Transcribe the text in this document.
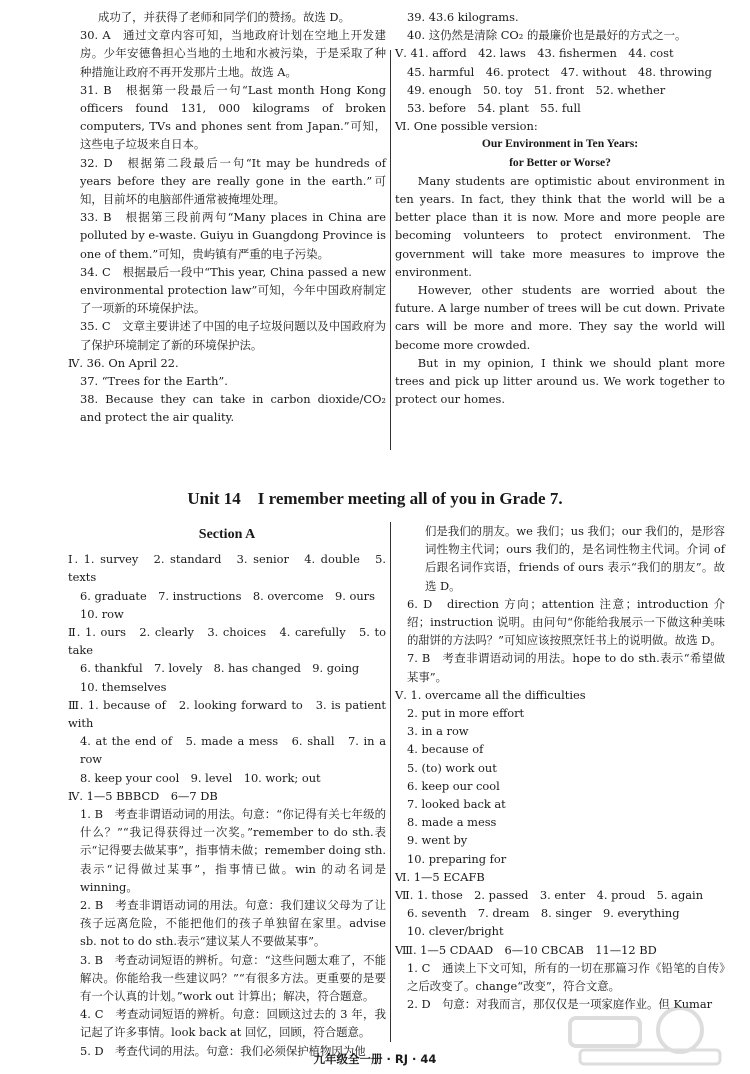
成功了，并获得了老师和同学们的赞扬。故选 D。
30. A　通过文章内容可知，当地政府计划在空地上开发建房。少年安德鲁担心当地的土地和水被污染，于是采取了种种措施让政府不再开发那片土地。故选 A。
31. B　根据第一段最后一句“Last month Hong Kong officers found 131, 000 kilograms of broken computers, TVs and phones sent from Japan.”可知，这些电子垃圾来自日本。
32. D　根据第二段最后一句“It may be hundreds of years before they are really gone in the earth.”可知，目前坏的电脑部件通常被掩埋处理。
33. B　根据第三段前两句“Many places in China are polluted by e-waste. Guiyu in Guangdong Province is one of them.”可知，贵屿镇有严重的电子污染。
34. C　根据最后一段中“This year, China passed a new environmental protection law”可知，今年中国政府制定了一项新的环境保护法。
35. C　文章主要讲述了中国的电子垃圾问题以及中国政府为了保护环境制定了新的环境保护法。
Ⅳ. 36. On April 22.
37. “Trees for the Earth”.
38. Because they can take in carbon dioxide/CO₂ and protect the air quality.
39. 43.6 kilograms.
40. 这仍然是清除 CO₂ 的最廉价也是最好的方式之一。
Ⅴ. 41. afford　42. laws　43. fishermen　44. cost
45. harmful　46. protect　47. without　48. throwing
49. enough　50. toy　51. front　52. whether
53. before　54. plant　55. full
Ⅵ. One possible version:
Our Environment in Ten Years:
for Better or Worse?
Many students are optimistic about environment in ten years. In fact, they think that the world will be a better place than it is now. More and more people are becoming volunteers to protect environment. The government will take more measures to improve the environment.
However, other students are worried about the future. A large number of trees will be cut down. Private cars will be more and more. They say the world will become more crowded.
But in my opinion, I think we should plant more trees and pick up litter around us. We work together to protect our homes.
Unit 14　I remember meeting all of you in Grade 7.
Section A
Ⅰ. 1. survey　2. standard　3. senior　4. double　5. texts
6. graduate　7. instructions　8. overcome　9. ours
10. row
Ⅱ. 1. ours　2. clearly　3. choices　4. carefully　5. to take
6. thankful　7. lovely　8. has changed　9. going
10. themselves
Ⅲ. 1. because of　2. looking forward to　3. is patient with
4. at the end of　5. made a mess　6. shall　7. in a row
8. keep your cool　9. level　10. work; out
Ⅳ. 1—5 BBBCD　6—7 DB
1. B　考查非谓语动词的用法。句意：“你记得有关七年级的什么？”“我记得获得过一次奖。”remember to do sth.表示“记得要去做某事”，指事情未做；remember doing sth.表示“记得做过某事”，指事情已做。win 的动名词是 winning。
2. B　考查非谓语动词的用法。句意：我们建议父母为了让孩子远离危险，不能把他们的孩子单独留在家里。advise sb. not to do sth.表示“建议某人不要做某事”。
3. B　考查动词短语的辨析。句意：“这些问题太难了，不能解决。你能给我一些建议吗？”“有很多方法。更重要的是要有一个认真的计划。”work out 计算出；解决，符合题意。
4. C　考查动词短语的辨析。句意：回顾这过去的 3 年，我记起了许多事情。look back at 回忆，回顾，符合题意。
5. D　考查代词的用法。句意：我们必须保护植物因为他
们是我们的朋友。we 我们；us 我们；our 我们的，是形容词性物主代词；ours 我们的，是名词性物主代词。介词 of 后跟名词作宾语，friends of ours 表示“我们的朋友”。故选 D。
6. D　direction 方向；attention 注意；introduction 介绍；instruction 说明。由问句“你能给我展示一下做这种美味的甜饼的方法吗？”可知应该按照烹饪书上的说明做。故选 D。
7. B　考查非谓语动词的用法。hope to do sth.表示“希望做某事”。
Ⅴ. 1. overcame all the difficulties
2. put in more effort
3. in a row
4. because of
5. (to) work out
6. keep our cool
7. looked back at
8. made a mess
9. went by
10. preparing for
Ⅵ. 1—5 ECAFB
Ⅶ. 1. those　2. passed　3. enter　4. proud　5. again
6. seventh　7. dream　8. singer　9. everything
10. clever/bright
Ⅷ. 1—5 CDAAD　6—10 CBCAB　11—12 BD
1. C　通读上下文可知，所有的一切在那篇习作《铅笔的自传》之后改变了。change“改变”，符合文意。
2. D　句意：对我而言，那仅仅是一项家庭作业。但 Kumar
九年级全一册 · RJ · 44
